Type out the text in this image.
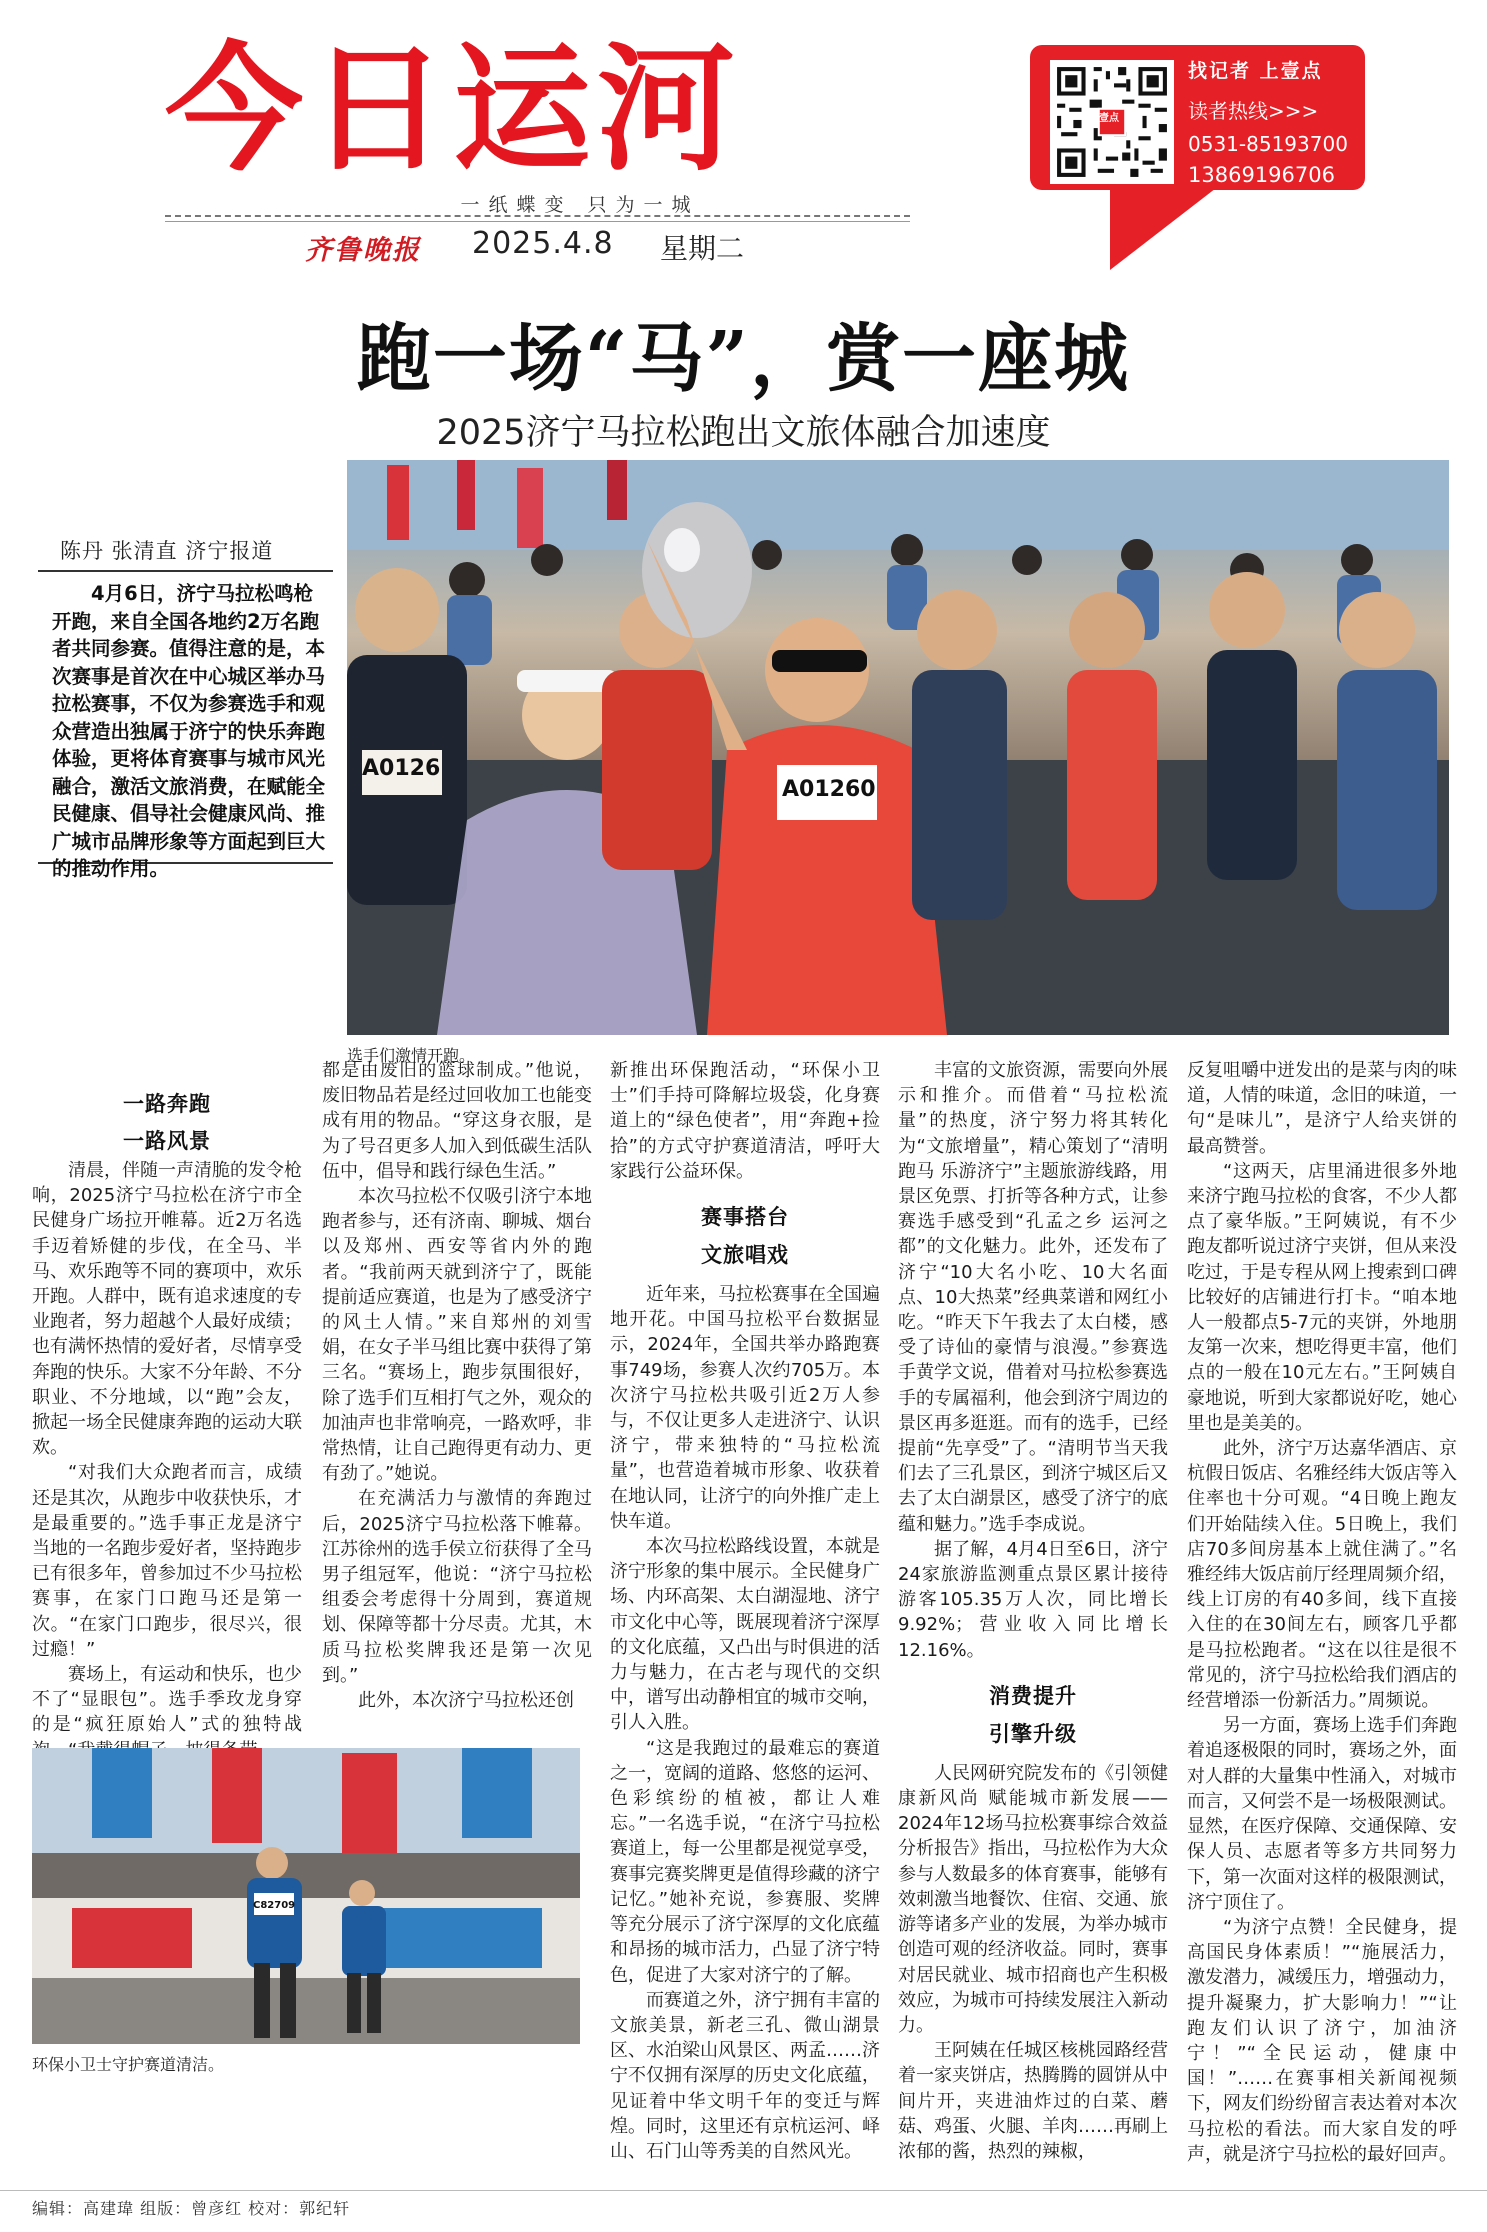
今日运河
一纸蝶变 只为一城
齐鲁晚报 2025.4.8 星期二
壹点
找记者 上壹点
读者热线>>>
0531-85193700
13869196706
跑一场“马”，赏一座城
2025济宁马拉松跑出文旅体融合加速度
陈丹 张清直 济宁报道
4月6日，济宁马拉松鸣枪开跑，来自全国各地约2万名跑者共同参赛。值得注意的是，本次赛事是首次在中心城区举办马拉松赛事，不仅为参赛选手和观众营造出独属于济宁的快乐奔跑体验，更将体育赛事与城市风光融合，激活文旅消费，在赋能全民健康、倡导社会健康风尚、推广城市品牌形象等方面起到巨大的推动作用。
A0126
A01260
选手们激情开跑。
一路奔跑
一路风景

清晨，伴随一声清脆的发令枪响，2025济宁马拉松在济宁市全民健身广场拉开帷幕。近2万名选手迈着矫健的步伐，在全马、半马、欢乐跑等不同的赛项中，欢乐开跑。人群中，既有追求速度的专业跑者，努力超越个人最好成绩；也有满怀热情的爱好者，尽情享受奔跑的快乐。大家不分年龄、不分职业、不分地域，以“跑”会友，掀起一场全民健康奔跑的运动大联欢。

“对我们大众跑者而言，成绩还是其次，从跑步中收获快乐，才是最重要的。”选手事正龙是济宁当地的一名跑步爱好者，坚持跑步已有很多年，曾参加过不少马拉松赛事，在家门口跑马还是第一次。“在家门口跑步，很尽兴，很过瘾！”

赛场上，有运动和快乐，也少不了“显眼包”。选手季玫龙身穿的是“疯狂原始人”式的独特战

都是由废旧的篮球制成。”他说，废旧物品若是经过回收加工也能变成有用的物品。“穿这身衣服，是为了号召更多人加入到低碳生活队伍中，倡导和践行绿色生活。”

本次马拉松不仅吸引济宁本地跑者参与，还有济南、聊城、烟台以及郑州、西安等省内外的跑者。“我前两天就到济宁了，既能提前适应赛道，也是为了感受济宁的风土人情。”来自郑州的刘雪娟，在女子半马组比赛中获得了第三名。“赛场上，跑步氛围很好，除了选手们互相打气之外，观众的加油声也非常响亮，一路欢呼，非常热情，让自己跑得更有动力、更有劲了。”她说。

在充满活力与激情的奔跑过后，2025济宁马拉松落下帷幕。江苏徐州的选手侯立衍获得了全马男子组冠军，他说：“济宁马拉松组委会考虑得十分周到，赛道规划、保障等都十分尽责。尤其，木质马拉松奖牌我还是第一次见到。”

此外，本次济宁马拉松还创

C82709
环保小卫士守护赛道清洁。

新推出环保跑活动，“环保小卫士”们手持可降解垃圾袋，化身赛道上的“绿色使者”，用“奔跑+捡拾”的方式守护赛道清洁，呼吁大家践行公益环保。

赛事搭台
文旅唱戏

近年来，马拉松赛事在全国遍地开花。中国马拉松平台数据显示，2024年，全国共举办路跑赛事749场，参赛人次约705万。本次济宁马拉松共吸引近2万人参与，不仅让更多人走进济宁、认识济宁，带来独特的“马拉松流量”，也营造着城市形象、收获着在地认同，让济宁的向外推广走上快车道。

本次马拉松路线设置，本就是济宁形象的集中展示。全民健身广场、内环高架、太白湖湿地、济宁市文化中心等，既展现着济宁深厚的文化底蕴，又凸出与时俱进的活力与魅力，在古老与现代的交织中，谱写出动静相宜的城市交响，引人入胜。

“这是我跑过的最难忘的赛道之一，宽阔的道路、悠悠的运河、色彩缤纷的植被，都让人难忘。”一名选手说，“在济宁马拉松赛道上，每一公里都是视觉享受，赛事完赛奖牌更是值得珍藏的济宁记忆。”她补充说，参赛服、奖牌等充分展示了济宁深厚的文化底蕴和昂扬的城市活力，凸显了济宁特色，促进了大家对济宁的了解。

而赛道之外，济宁拥有丰富的文旅美景，新老三孔、微山湖景区、水泊梁山风景区、两孟……济宁不仅拥有深厚的历史文化底蕴，见证着中华文明千年的变迁与辉煌。同时，这里还有京杭运河、峄山、石门山等秀美的自然风光。

丰富的文旅资源，需要向外展示和推介。而借着“马拉松流量”的热度，济宁努力将其转化为“文旅增量”，精心策划了“清明跑马 乐游济宁”主题旅游线路，用景区免票、打折等各种方式，让参赛选手感受到“孔孟之乡 运河之都”的文化魅力。此外，还发布了济宁“10大名小吃、10大名面点、10大热菜”经典菜谱和网红小吃。“昨天下午我去了太白楼，感受了诗仙的豪情与浪漫。”参赛选手黄学文说，借着对马拉松参赛选手的专属福利，他会到济宁周边的景区再多逛逛。而有的选手，已经提前“先享受”了。“清明节当天我们去了三孔景区，到济宁城区后又去了太白湖景区，感受了济宁的底蕴和魅力。”选手李成说。

据了解，4月4日至6日，济宁24家旅游监测重点景区累计接待游客105.35万人次，同比增长9.92%；营业收入同比增长12.16%。

消费提升
引擎升级

人民网研究院发布的《引领健康新风尚 赋能城市新发展——2024年12场马拉松赛事综合效益分析报告》指出，马拉松作为大众参与人数最多的体育赛事，能够有效刺激当地餐饮、住宿、交通、旅游等诸多产业的发展，为举办城市创造可观的经济收益。同时，赛事对居民就业、城市招商也产生积极效应，为城市可持续发展注入新动力。

王阿姨在任城区核桃园路经营着一家夹饼店，热腾腾的圆饼从中间片开，夹进油炸过的白菜、蘑菇、鸡蛋、火腿、羊肉……再刷上浓郁的酱，热烈的辣椒，

反复咀嚼中迸发出的是菜与肉的味道，人情的味道，念旧的味道，一句“是味儿”，是济宁人给夹饼的最高赞誉。

“这两天，店里涌进很多外地来济宁跑马拉松的食客，不少人都点了豪华版。”王阿姨说，有不少跑友都听说过济宁夹饼，但从来没吃过，于是专程从网上搜索到口碑比较好的店铺进行打卡。“咱本地人一般都点5-7元的夹饼，外地朋友第一次来，想吃得更丰富，他们点的一般在10元左右。”王阿姨自豪地说，听到大家都说好吃，她心里也是美美的。

此外，济宁万达嘉华酒店、京杭假日饭店、名雅经纬大饭店等入住率也十分可观。“4日晚上跑友们开始陆续入住。5日晚上，我们店70多间房基本上就住满了。”名雅经纬大饭店前厅经理周频介绍，线上订房的有40多间，线下直接入住的在30间左右，顾客几乎都是马拉松跑者。“这在以往是很不常见的，济宁马拉松给我们酒店的经营增添一份新活力。”周频说。

另一方面，赛场上选手们奔跑着追逐极限的同时，赛场之外，面对人群的大量集中性涌入，对城市而言，又何尝不是一场极限测试。显然，在医疗保障、交通保障、安保人员、志愿者等多方共同努力下，第一次面对这样的极限测试，济宁顶住了。

“为济宁点赞！全民健身，提高国民身体素质！”“施展活力，激发潜力，减缓压力，增强动力，提升凝聚力，扩大影响力！”“让跑友们认识了济宁，加油济宁！”“全民运动，健康中国！”……在赛事相关新闻视频下，网友们纷纷留言表达着对本次马拉松的看法。而大家自发的呼声，就是济宁马拉松的最好回声。

编辑：高建瑋 组版：曾彦红 校对：郭纪轩
